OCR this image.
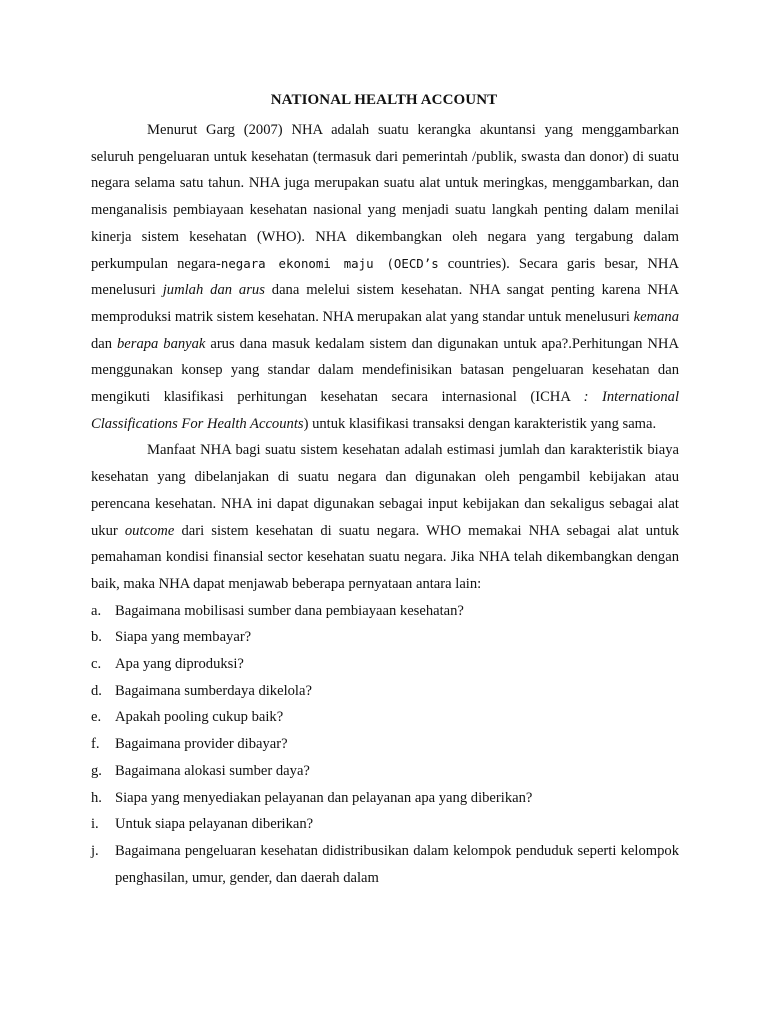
NATIONAL HEALTH ACCOUNT

Menurut Garg (2007) NHA adalah suatu kerangka akuntansi yang menggambarkan seluruh pengeluaran untuk kesehatan (termasuk dari pemerintah /publik, swasta dan donor) di suatu negara selama satu tahun. NHA juga merupakan suatu alat untuk meringkas, menggambarkan, dan menganalisis pembiayaan kesehatan nasional yang menjadi suatu langkah penting dalam menilai kinerja sistem kesehatan (WHO). NHA dikembangkan oleh negara yang tergabung dalam perkumpulan negara-negara ekonomi maju (OECD’s countries). Secara garis besar, NHA menelusuri jumlah dan arus dana melelui sistem kesehatan. NHA sangat penting karena NHA memproduksi matrik sistem kesehatan. NHA merupakan alat yang standar untuk menelusuri kemana dan berapa banyak arus dana masuk kedalam sistem dan digunakan untuk apa?.Perhitungan NHA menggunakan konsep yang standar dalam mendefinisikan batasan pengeluaran kesehatan dan mengikuti klasifikasi perhitungan kesehatan secara internasional (ICHA : International Classifications For Health Accounts) untuk klasifikasi transaksi dengan karakteristik yang sama.

Manfaat NHA bagi suatu sistem kesehatan adalah estimasi jumlah dan karakteristik biaya kesehatan yang dibelanjakan di suatu negara dan digunakan oleh pengambil kebijakan atau perencana kesehatan. NHA ini dapat digunakan sebagai input kebijakan dan sekaligus sebagai alat ukur outcome dari sistem kesehatan di suatu negara. WHO memakai NHA sebagai alat untuk pemahaman kondisi finansial sector kesehatan suatu negara. Jika NHA telah dikembangkan dengan baik, maka NHA dapat menjawab beberapa pernyataan antara lain:

a. Bagaimana mobilisasi sumber dana pembiayaan kesehatan?
b. Siapa yang membayar?
c. Apa yang diproduksi?
d. Bagaimana sumberdaya dikelola?
e. Apakah pooling cukup baik?
f. Bagaimana provider dibayar?
g. Bagaimana alokasi sumber daya?
h. Siapa yang menyediakan pelayanan dan pelayanan apa yang diberikan?
i. Untuk siapa pelayanan diberikan?
j. Bagaimana pengeluaran kesehatan didistribusikan dalam kelompok penduduk seperti kelompok penghasilan, umur, gender, dan daerah dalam
